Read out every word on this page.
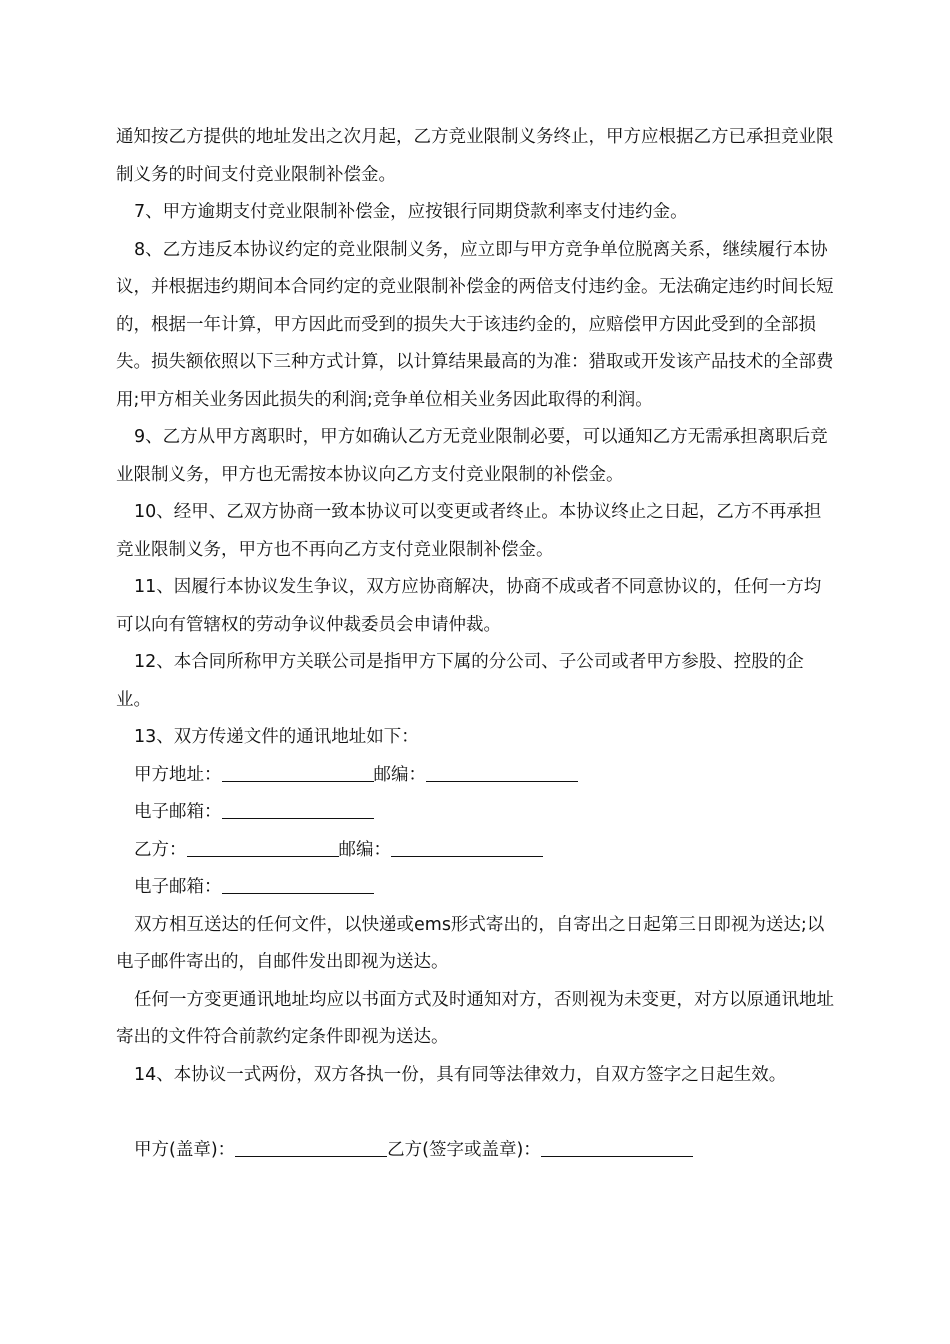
通知按乙方提供的地址发出之次月起，乙方竞业限制义务终止，甲方应根据乙方已承担竞业限制义务的时间支付竞业限制补偿金。

7、甲方逾期支付竞业限制补偿金，应按银行同期贷款利率支付违约金。

8、乙方违反本协议约定的竞业限制义务，应立即与甲方竞争单位脱离关系，继续履行本协议，并根据违约期间本合同约定的竞业限制补偿金的两倍支付违约金。无法确定违约时间长短的，根据一年计算，甲方因此而受到的损失大于该违约金的，应赔偿甲方因此受到的全部损失。损失额依照以下三种方式计算，以计算结果最高的为准：猎取或开发该产品技术的全部费用;甲方相关业务因此损失的利润;竞争单位相关业务因此取得的利润。

9、乙方从甲方离职时，甲方如确认乙方无竞业限制必要，可以通知乙方无需承担离职后竞业限制义务，甲方也无需按本协议向乙方支付竞业限制的补偿金。

10、经甲、乙双方协商一致本协议可以变更或者终止。本协议终止之日起，乙方不再承担竞业限制义务，甲方也不再向乙方支付竞业限制补偿金。

11、因履行本协议发生争议，双方应协商解决，协商不成或者不同意协议的，任何一方均可以向有管辖权的劳动争议仲裁委员会申请仲裁。

12、本合同所称甲方关联公司是指甲方下属的分公司、子公司或者甲方参股、控股的企业。

13、双方传递文件的通讯地址如下：

甲方地址：	邮编：

电子邮箱：

乙方：	邮编：

电子邮箱：

双方相互送达的任何文件，以快递或ems形式寄出的，自寄出之日起第三日即视为送达;以电子邮件寄出的，自邮件发出即视为送达。

任何一方变更通讯地址均应以书面方式及时通知对方，否则视为未变更，对方以原通讯地址寄出的文件符合前款约定条件即视为送达。

14、本协议一式两份，双方各执一份，具有同等法律效力，自双方签字之日起生效。

甲方(盖章)：	乙方(签字或盖章)：
